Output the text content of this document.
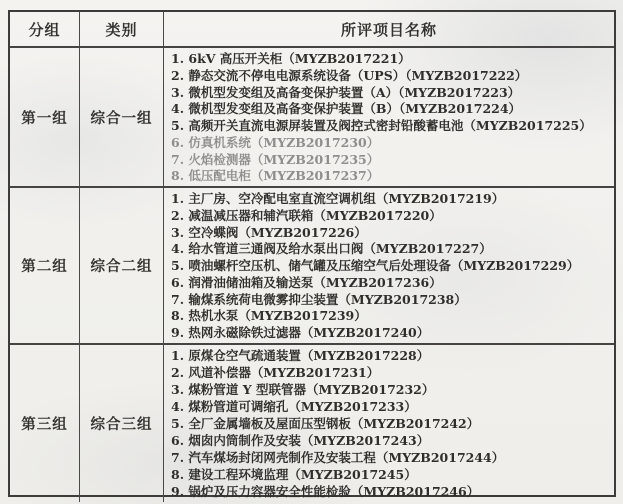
分组	类别	所评项目名称
第一组	综合一组
1. 6kV 高压开关柜（MYZB2017221）
2. 静态交流不停电电源系统设备（UPS）（MYZB2017222）
3. 微机型发变组及高备变保护装置（A）（MYZB2017223）
4. 微机型发变组及高备变保护装置（B）（MYZB2017224）
5. 高频开关直流电源屏装置及阀控式密封铅酸蓄电池（MYZB2017225）
6. 仿真机系统（MYZB2017230）
7. 火焰检测器（MYZB2017235）
8. 低压配电柜（MYZB2017237）
第二组	综合二组
1. 主厂房、空冷配电室直流空调机组（MYZB2017219）
2. 减温减压器和辅汽联箱（MYZB2017220）
3. 空冷蝶阀（MYZB2017226）
4. 给水管道三通阀及给水泵出口阀（MYZB2017227）
5. 喷油螺杆空压机、储气罐及压缩空气后处理设备（MYZB2017229）
6. 润滑油储油箱及输送泵（MYZB2017236）
7. 输煤系统荷电微雾抑尘装置（MYZB2017238）
8. 热机水泵（MYZB2017239）
9. 热网永磁除铁过滤器（MYZB2017240）
第三组	综合三组
1. 原煤仓空气疏通装置（MYZB2017228）
2. 风道补偿器（MYZB2017231）
3. 煤粉管道 Y 型联管器（MYZB2017232）
4. 煤粉管道可调缩孔（MYZB2017233）
5. 全厂金属墙板及屋面压型钢板（MYZB2017242）
6. 烟囱内筒制作及安装（MYZB2017243）
7. 汽车煤场封闭网壳制作及安装工程（MYZB2017244）
8. 建设工程环境监理（MYZB2017245）
9. 锅炉及压力容器安全性能检验（MYZB2017246）
